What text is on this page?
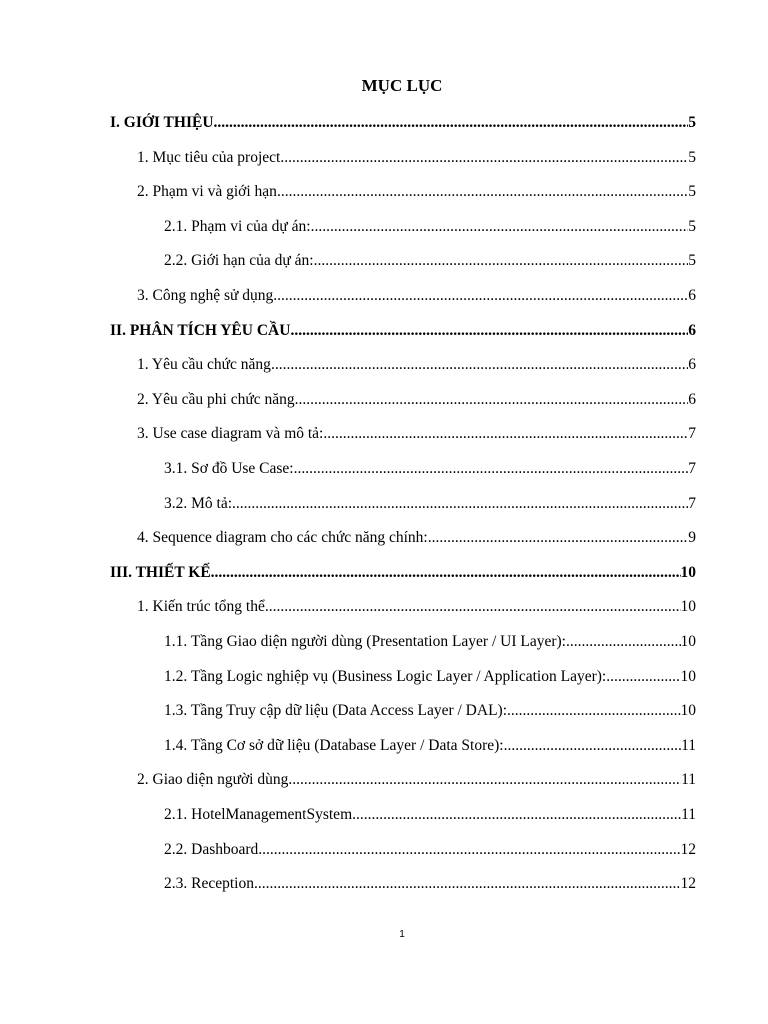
MỤC LỤC
I. GIỚI THIỆU .....	5
1. Mục tiêu của project .....	5
2. Phạm vi và giới hạn .....	5
2.1. Phạm vi của dự án: .....	5
2.2. Giới hạn của dự án: .....	5
3. Công nghệ sử dụng .....	6
II. PHÂN TÍCH YÊU CẦU .....	6
1. Yêu cầu chức năng .....	6
2. Yêu cầu phi chức năng .....	6
3. Use case diagram và mô tả: .....	7
3.1. Sơ đồ Use Case: .....	7
3.2. Mô tả: .....	7
4. Sequence diagram cho các chức năng chính: .....	9
III. THIẾT KẾ .....	10
1. Kiến trúc tổng thể .....	10
1.1. Tầng Giao diện người dùng (Presentation Layer / UI Layer): .....	10
1.2. Tầng Logic nghiệp vụ (Business Logic Layer / Application Layer): .....	10
1.3. Tầng Truy cập dữ liệu (Data Access Layer / DAL): .....	10
1.4. Tầng Cơ sở dữ liệu (Database Layer / Data Store): .....	11
2. Giao diện người dùng .....	11
2.1. HotelManagementSystem .....	11
2.2. Dashboard .....	12
2.3. Reception .....	12
1
